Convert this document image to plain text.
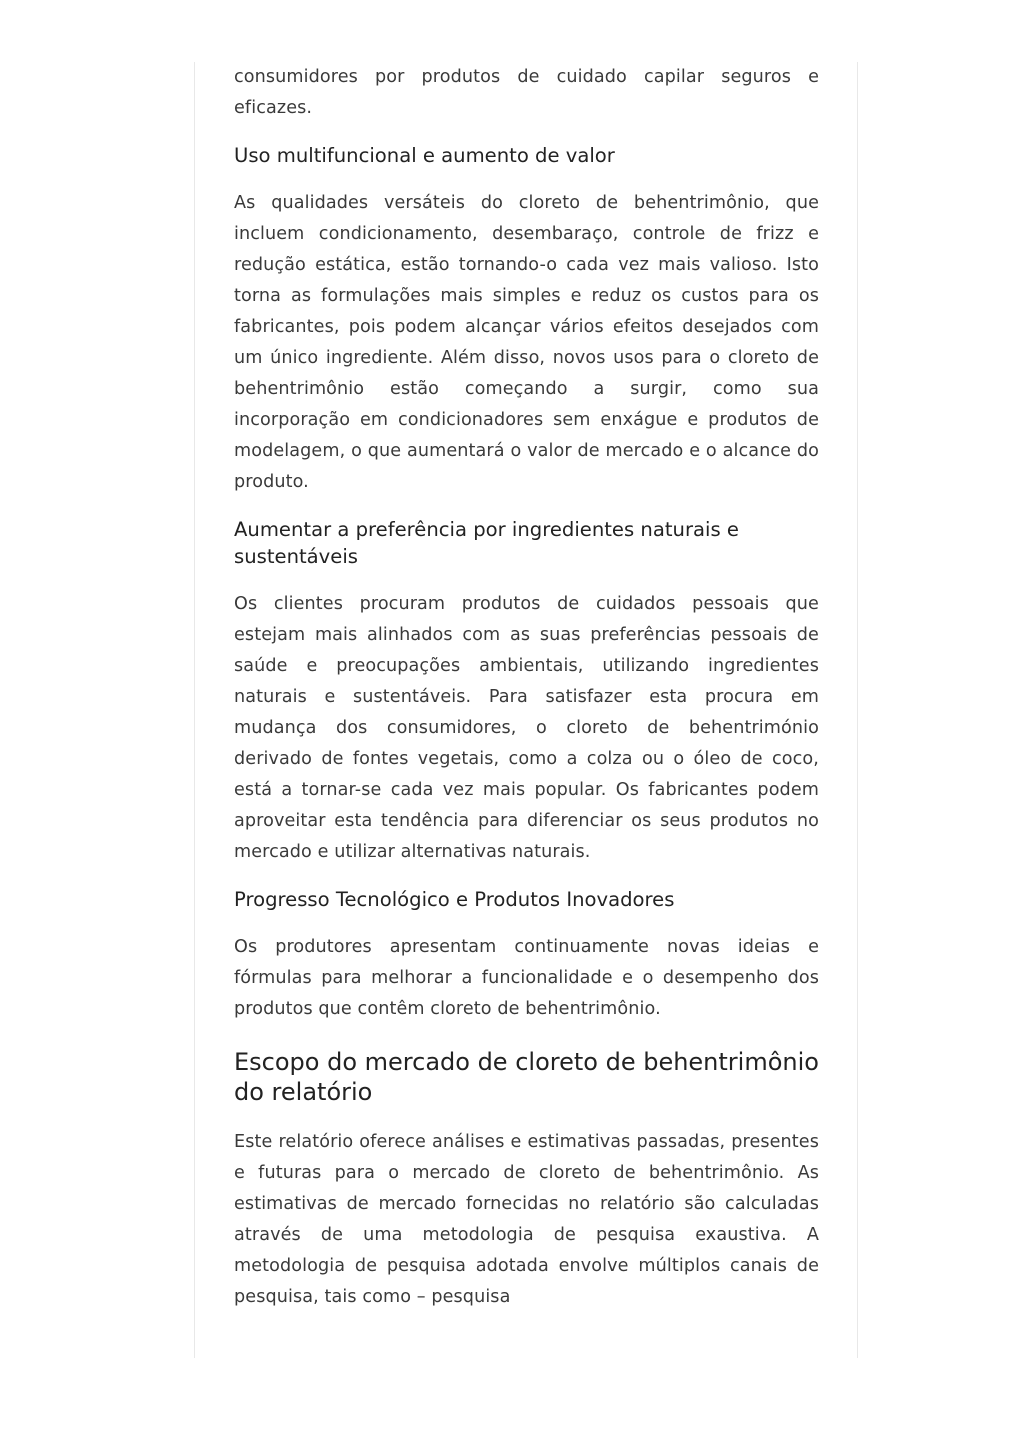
consumidores por produtos de cuidado capilar seguros e eficazes.

Uso multifuncional e aumento de valor

As qualidades versáteis do cloreto de behentrimônio, que incluem condicionamento, desembaraço, controle de frizz e redução estática, estão tornando-o cada vez mais valioso. Isto torna as formulações mais simples e reduz os custos para os fabricantes, pois podem alcançar vários efeitos desejados com um único ingrediente. Além disso, novos usos para o cloreto de behentrimônio estão começando a surgir, como sua incorporação em condicionadores sem enxágue e produtos de modelagem, o que aumentará o valor de mercado e o alcance do produto.

Aumentar a preferência por ingredientes naturais e sustentáveis

Os clientes procuram produtos de cuidados pessoais que estejam mais alinhados com as suas preferências pessoais de saúde e preocupações ambientais, utilizando ingredientes naturais e sustentáveis. Para satisfazer esta procura em mudança dos consumidores, o cloreto de behentrimónio derivado de fontes vegetais, como a colza ou o óleo de coco, está a tornar-se cada vez mais popular. Os fabricantes podem aproveitar esta tendência para diferenciar os seus produtos no mercado e utilizar alternativas naturais.

Progresso Tecnológico e Produtos Inovadores

Os produtores apresentam continuamente novas ideias e fórmulas para melhorar a funcionalidade e o desempenho dos produtos que contêm cloreto de behentrimônio.

Escopo do mercado de cloreto de behentrimônio do relatório

Este relatório oferece análises e estimativas passadas, presentes e futuras para o mercado de cloreto de behentrimônio. As estimativas de mercado fornecidas no relatório são calculadas através de uma metodologia de pesquisa exaustiva. A metodologia de pesquisa adotada envolve múltiplos canais de pesquisa, tais como – pesquisa
